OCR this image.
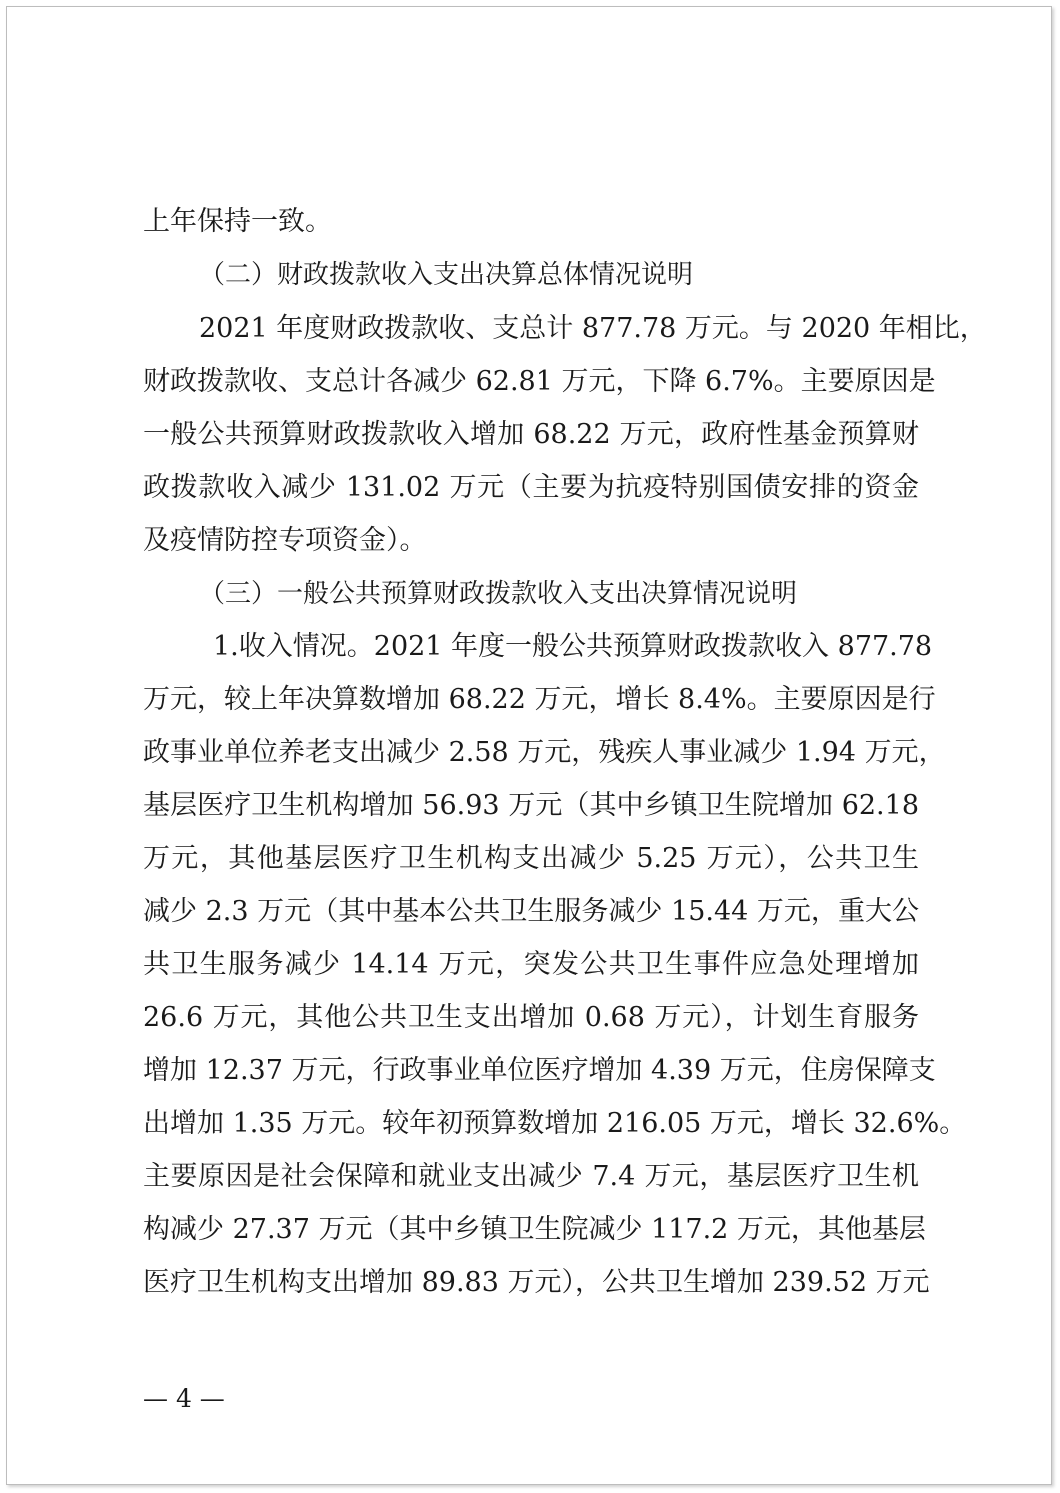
上年保持一致。
（二）财政拨款收入支出决算总体情况说明
2021 年度财政拨款收、支总计 877.78 万元。与 2020 年相比，
财政拨款收、支总计各减少 62.81 万元，下降 6.7%。主要原因是
一般公共预算财政拨款收入增加 68.22 万元，政府性基金预算财
政拨款收入减少 131.02 万元（主要为抗疫特别国债安排的资金
及疫情防控专项资金）。
（三）一般公共预算财政拨款收入支出决算情况说明
1.收入情况。2021 年度一般公共预算财政拨款收入 877.78
万元，较上年决算数增加 68.22 万元，增长 8.4%。主要原因是行
政事业单位养老支出减少 2.58 万元，残疾人事业减少 1.94 万元，
基层医疗卫生机构增加 56.93 万元（其中乡镇卫生院增加 62.18
万元，其他基层医疗卫生机构支出减少 5.25 万元），公共卫生
减少 2.3 万元（其中基本公共卫生服务减少 15.44 万元，重大公
共卫生服务减少 14.14 万元，突发公共卫生事件应急处理增加
26.6 万元，其他公共卫生支出增加 0.68 万元），计划生育服务
增加 12.37 万元，行政事业单位医疗增加 4.39 万元，住房保障支
出增加 1.35 万元。较年初预算数增加 216.05 万元，增长 32.6%。
主要原因是社会保障和就业支出减少 7.4 万元，基层医疗卫生机
构减少 27.37 万元（其中乡镇卫生院减少 117.2 万元，其他基层
医疗卫生机构支出增加 89.83 万元），公共卫生增加 239.52 万元
— 4 —
